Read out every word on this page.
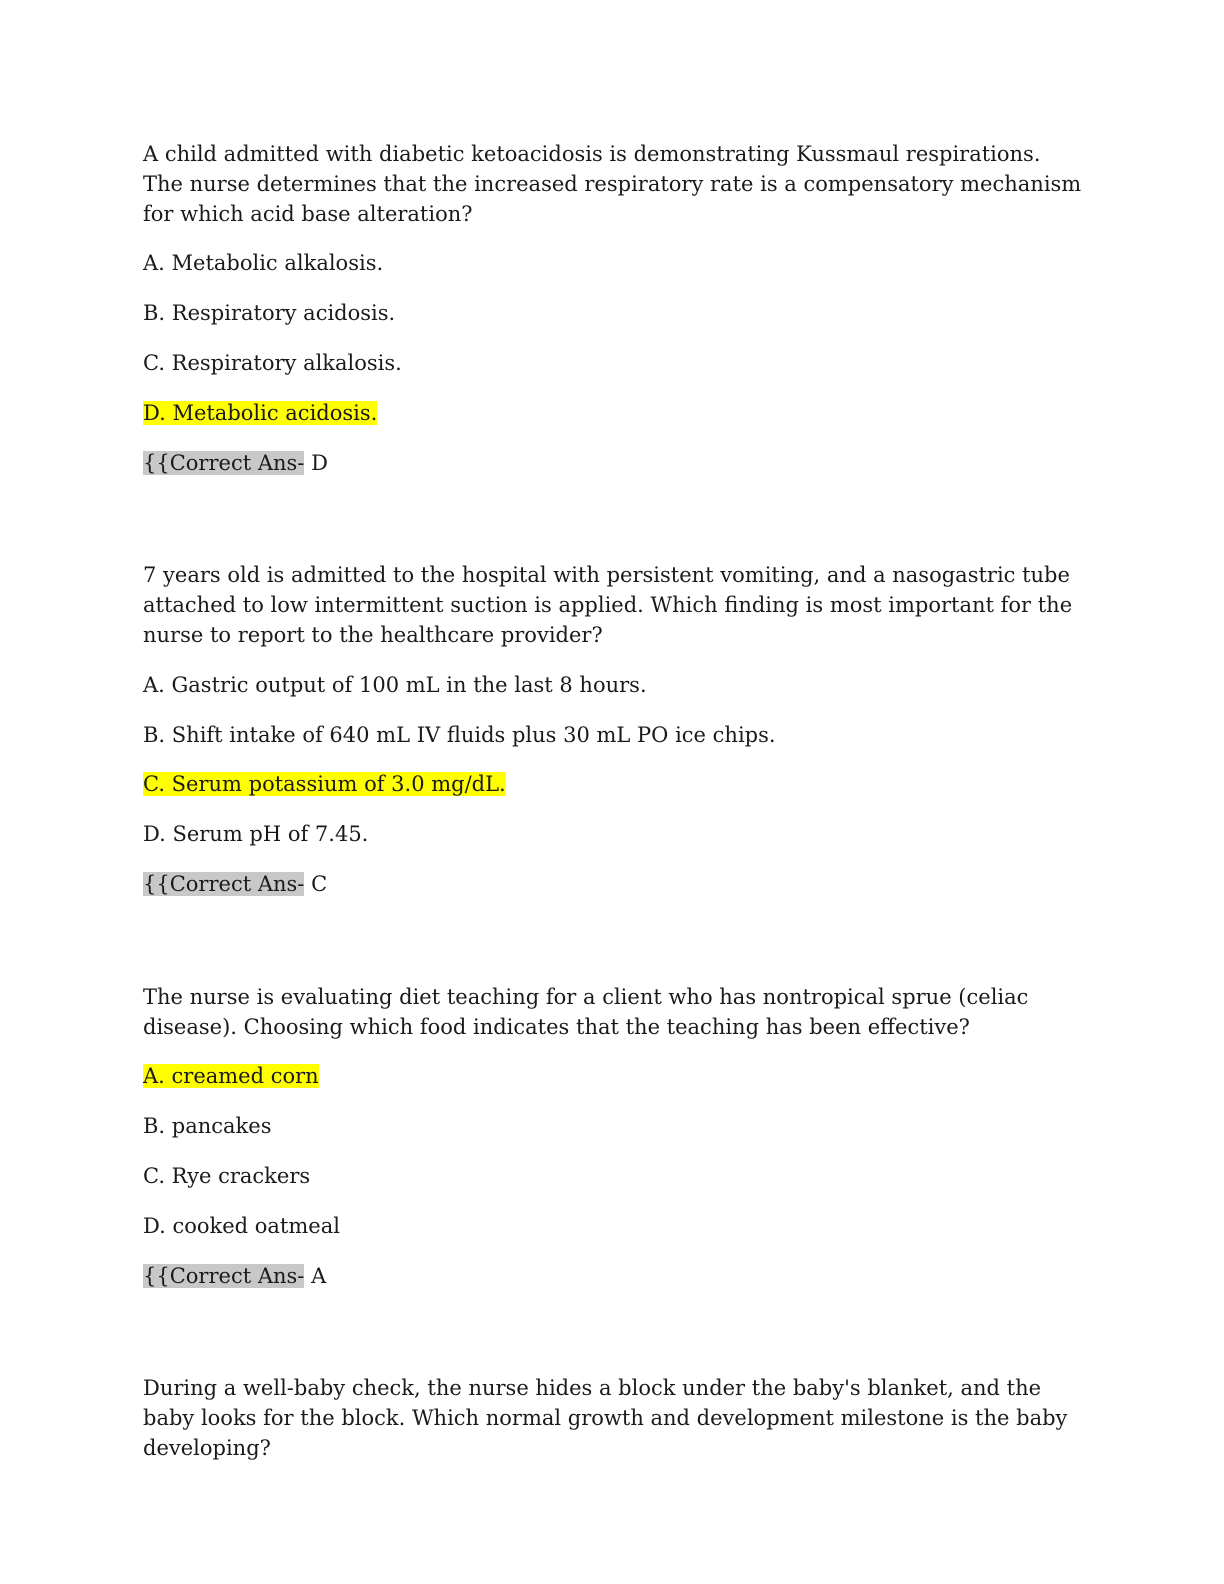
A child admitted with diabetic ketoacidosis is demonstrating Kussmaul respirations. The nurse determines that the increased respiratory rate is a compensatory mechanism for which acid base alteration?

A. Metabolic alkalosis.

B. Respiratory acidosis.

C. Respiratory alkalosis.

D. Metabolic acidosis.

{{Correct Ans- D

7 years old is admitted to the hospital with persistent vomiting, and a nasogastric tube attached to low intermittent suction is applied. Which finding is most important for the nurse to report to the healthcare provider?

A. Gastric output of 100 mL in the last 8 hours.

B. Shift intake of 640 mL IV fluids plus 30 mL PO ice chips.

C. Serum potassium of 3.0 mg/dL.

D. Serum pH of 7.45.

{{Correct Ans- C

The nurse is evaluating diet teaching for a client who has nontropical sprue (celiac disease). Choosing which food indicates that the teaching has been effective?

A. creamed corn

B. pancakes

C. Rye crackers

D. cooked oatmeal

{{Correct Ans- A

During a well-baby check, the nurse hides a block under the baby's blanket, and the baby looks for the block. Which normal growth and development milestone is the baby developing?
